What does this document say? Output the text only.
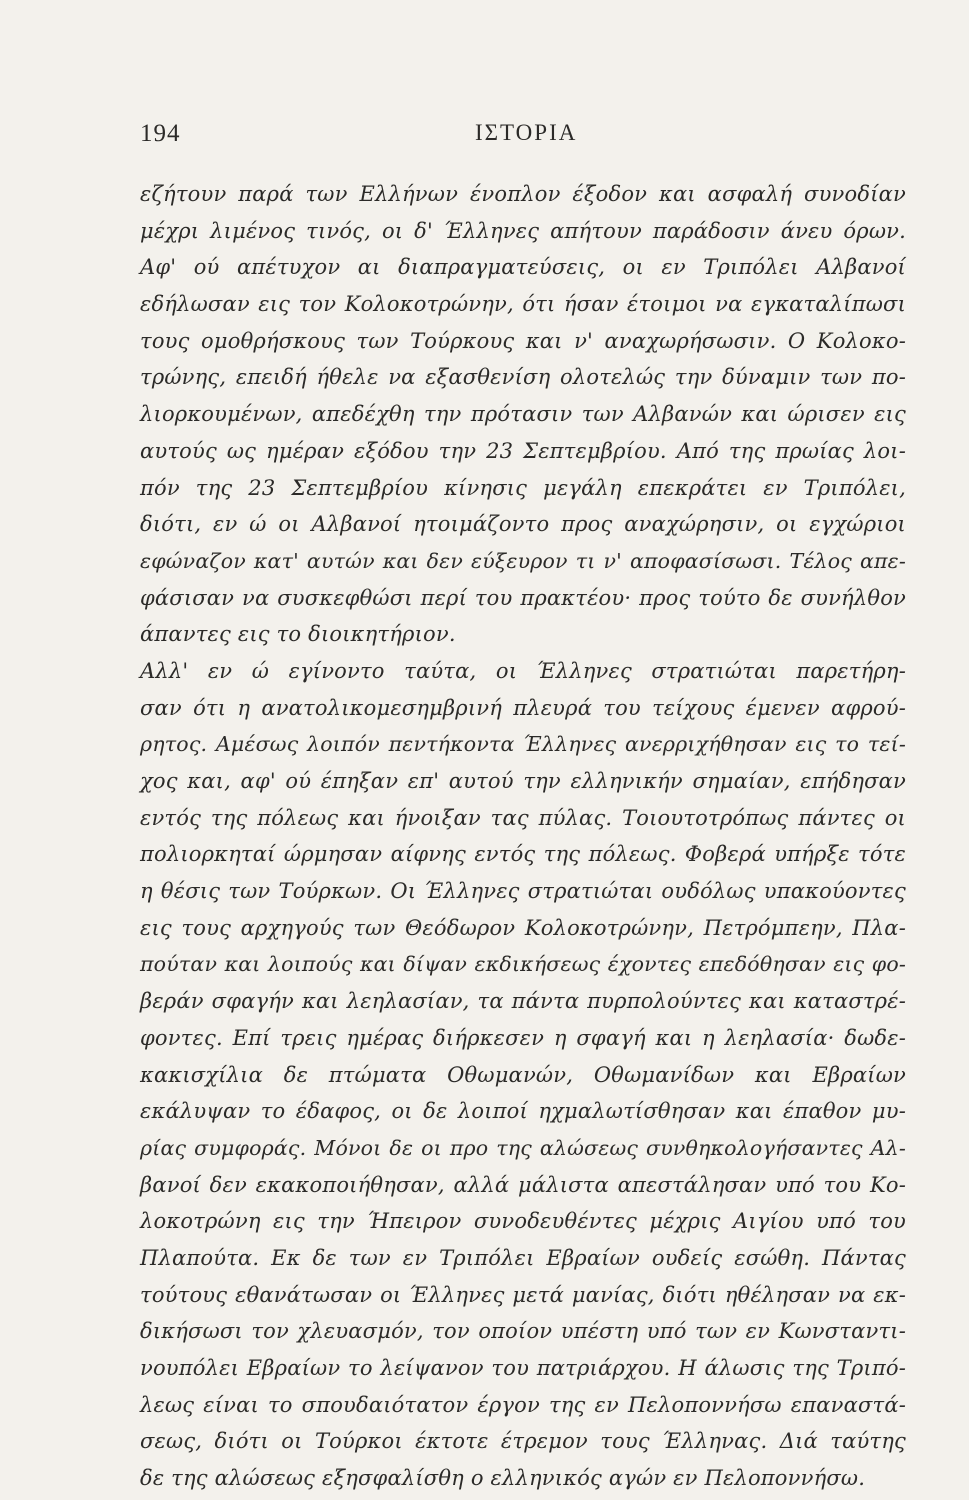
194	ΙΣΤΟΡΙΑ
εζήτουν παρά των Ελλήνων ένοπλον έξοδον και ασφαλή συνοδίαν
μέχρι λιμένος τινός, οι δ' Έλληνες απήτουν παράδοσιν άνευ όρων.
Αφ' ού απέτυχον αι διαπραγματεύσεις, οι εν Τριπόλει Αλβανοί
εδήλωσαν εις τον Κολοκοτρώνην, ότι ήσαν έτοιμοι να εγκαταλίπωσι
τους ομοθρήσκους των Τούρκους και ν' αναχωρήσωσιν. Ο Κολοκο-
τρώνης, επειδή ήθελε να εξασθενίση ολοτελώς την δύναμιν των πο-
λιορκουμένων, απεδέχθη την πρότασιν των Αλβανών και ώρισεν εις
αυτούς ως ημέραν εξόδου την 23 Σεπτεμβρίου. Από της πρωίας λοι-
πόν της 23 Σεπτεμβρίου κίνησις μεγάλη επεκράτει εν Τριπόλει,
διότι, εν ώ οι Αλβανοί ητοιμάζοντο προς αναχώρησιν, οι εγχώριοι
εφώναζον κατ' αυτών και δεν εύξευρον τι ν' αποφασίσωσι. Τέλος απε-
φάσισαν να συσκεφθώσι περί του πρακτέου· προς τούτο δε συνήλθον
άπαντες εις το διοικητήριον.
Αλλ' εν ώ εγίνοντο ταύτα, οι Έλληνες στρατιώται παρετήρη-
σαν ότι η ανατολικομεσημβρινή πλευρά του τείχους έμενεν αφρού-
ρητος. Αμέσως λοιπόν πεντήκοντα Έλληνες ανερριχήθησαν εις το τεί-
χος και, αφ' ού έπηξαν επ' αυτού την ελληνικήν σημαίαν, επήδησαν
εντός της πόλεως και ήνοιξαν τας πύλας. Τοιουτοτρόπως πάντες οι
πολιορκηταί ώρμησαν αίφνης εντός της πόλεως. Φοβερά υπήρξε τότε
η θέσις των Τούρκων. Οι Έλληνες στρατιώται ουδόλως υπακούοντες
εις τους αρχηγούς των Θεόδωρον Κολοκοτρώνην, Πετρόμπεην, Πλα-
πούταν και λοιπούς και δίψαν εκδικήσεως έχοντες επεδόθησαν εις φο-
βεράν σφαγήν και λεηλασίαν, τα πάντα πυρπολούντες και καταστρέ-
φοντες. Επί τρεις ημέρας διήρκεσεν η σφαγή και η λεηλασία· δωδε-
κακισχίλια δε πτώματα Οθωμανών, Οθωμανίδων και Εβραίων
εκάλυψαν το έδαφος, οι δε λοιποί ηχμαλωτίσθησαν και έπαθον μυ-
ρίας συμφοράς. Μόνοι δε οι προ της αλώσεως συνθηκολογήσαντες Αλ-
βανοί δεν εκακοποιήθησαν, αλλά μάλιστα απεστάλησαν υπό του Κο-
λοκοτρώνη εις την Ήπειρον συνοδευθέντες μέχρις Αιγίου υπό του
Πλαπούτα. Εκ δε των εν Τριπόλει Εβραίων ουδείς εσώθη. Πάντας
τούτους εθανάτωσαν οι Έλληνες μετά μανίας, διότι ηθέλησαν να εκ-
δικήσωσι τον χλευασμόν, τον οποίον υπέστη υπό των εν Κωνσταντι-
νουπόλει Εβραίων το λείψανον του πατριάρχου. Η άλωσις της Τριπό-
λεως είναι το σπουδαιότατον έργον της εν Πελοποννήσω επαναστά-
σεως, διότι οι Τούρκοι έκτοτε έτρεμον τους Έλληνας. Διά ταύτης
δε της αλώσεως εξησφαλίσθη ο ελληνικός αγών εν Πελοποννήσω.
